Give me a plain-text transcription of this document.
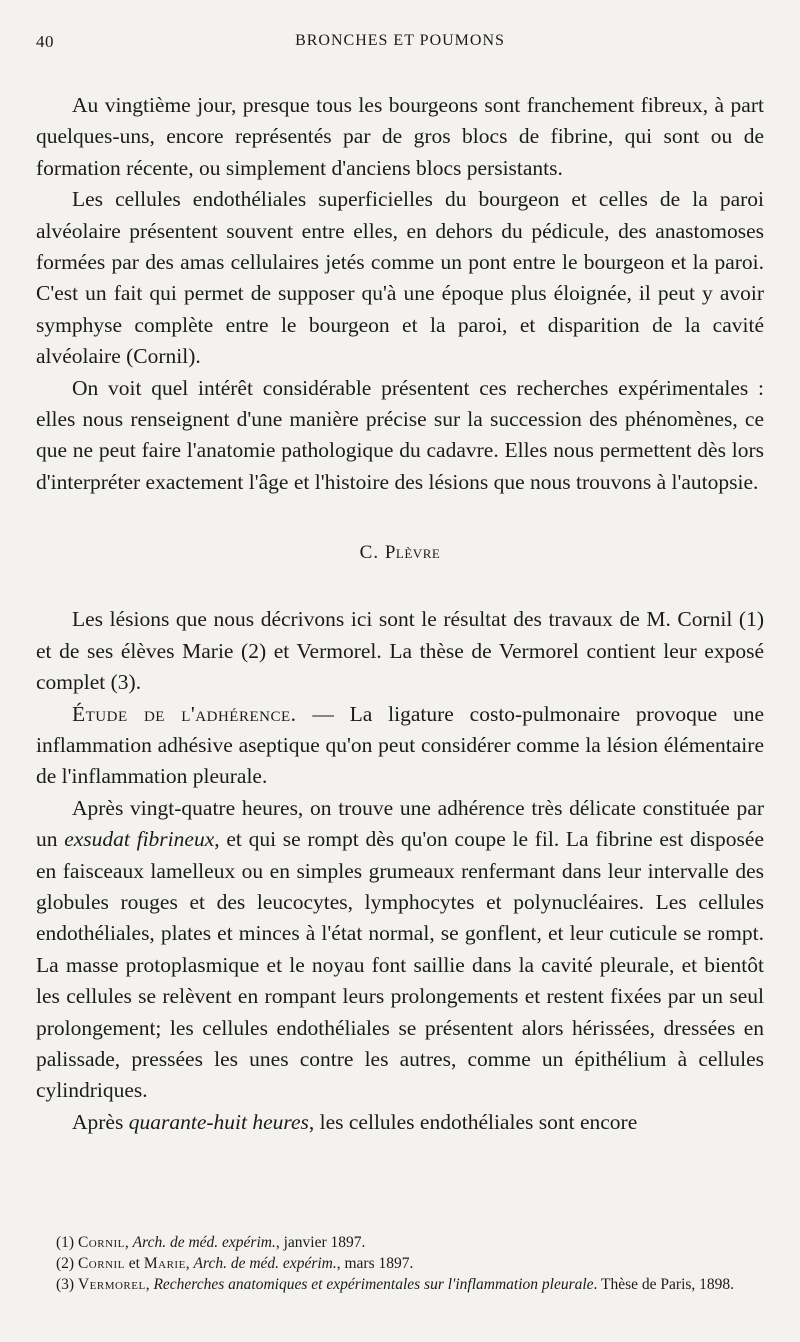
40	BRONCHES ET POUMONS

Au vingtième jour, presque tous les bourgeons sont franchement fibreux, à part quelques-uns, encore représentés par de gros blocs de fibrine, qui sont ou de formation récente, ou simplement d'anciens blocs persistants.

Les cellules endothéliales superficielles du bourgeon et celles de la paroi alvéolaire présentent souvent entre elles, en dehors du pédicule, des anastomoses formées par des amas cellulaires jetés comme un pont entre le bourgeon et la paroi. C'est un fait qui permet de supposer qu'à une époque plus éloignée, il peut y avoir symphyse complète entre le bourgeon et la paroi, et disparition de la cavité alvéolaire (Cornil).

On voit quel intérêt considérable présentent ces recherches expérimentales : elles nous renseignent d'une manière précise sur la succession des phénomènes, ce que ne peut faire l'anatomie pathologique du cadavre. Elles nous permettent dès lors d'interpréter exactement l'âge et l'histoire des lésions que nous trouvons à l'autopsie.

C. Plèvre

Les lésions que nous décrivons ici sont le résultat des travaux de M. Cornil (1) et de ses élèves Marie (2) et Vermorel. La thèse de Vermorel contient leur exposé complet (3).

Étude de l'adhérence. — La ligature costo-pulmonaire provoque une inflammation adhésive aseptique qu'on peut considérer comme la lésion élémentaire de l'inflammation pleurale.

Après vingt-quatre heures, on trouve une adhérence très délicate constituée par un exsudat fibrineux, et qui se rompt dès qu'on coupe le fil. La fibrine est disposée en faisceaux lamelleux ou en simples grumeaux renfermant dans leur intervalle des globules rouges et des leucocytes, lymphocytes et polynucléaires. Les cellules endothéliales, plates et minces à l'état normal, se gonflent, et leur cuticule se rompt. La masse protoplasmique et le noyau font saillie dans la cavité pleurale, et bientôt les cellules se relèvent en rompant leurs prolongements et restent fixées par un seul prolongement; les cellules endothéliales se présentent alors hérissées, dressées en palissade, pressées les unes contre les autres, comme un épithélium à cellules cylindriques.

Après quarante-huit heures, les cellules endothéliales sont encore

(1) Cornil, Arch. de méd. expérim., janvier 1897.

(2) Cornil et Marie, Arch. de méd. expérim., mars 1897.

(3) Vermorel, Recherches anatomiques et expérimentales sur l'inflammation pleurale. Thèse de Paris, 1898.
